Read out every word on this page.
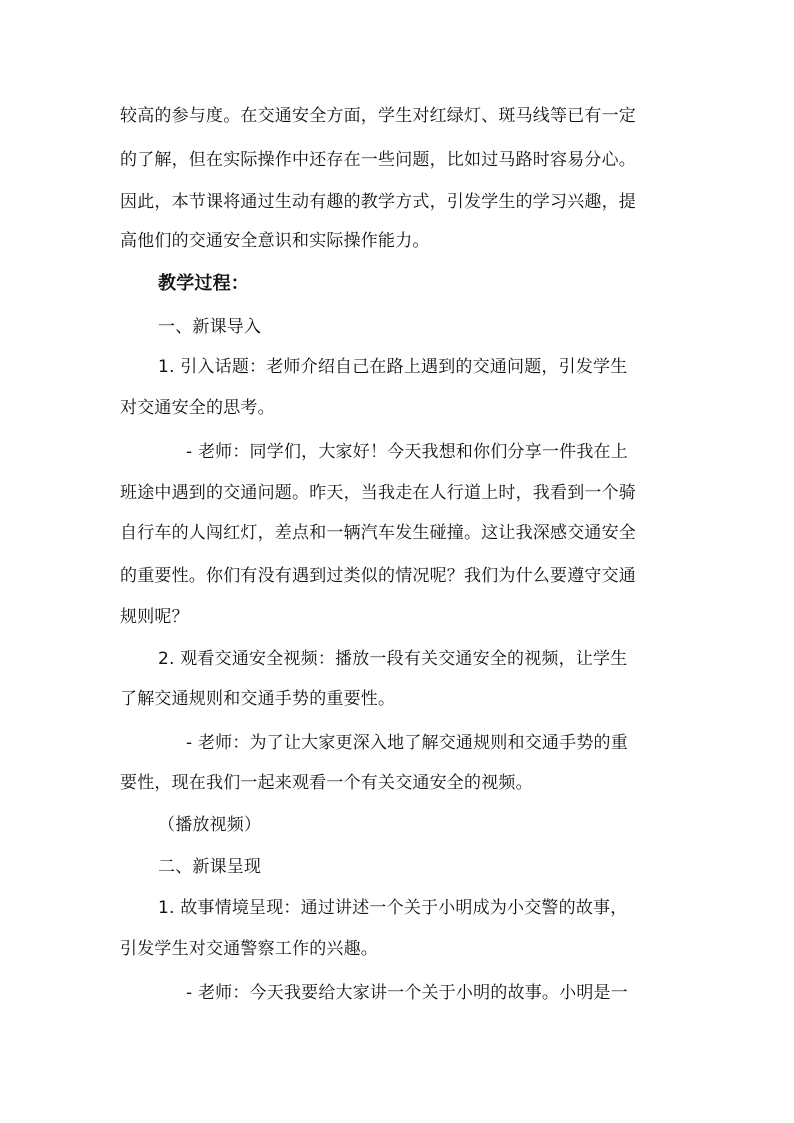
较高的参与度。在交通安全方面，学生对红绿灯、斑马线等已有一定
的了解，但在实际操作中还存在一些问题，比如过马路时容易分心。
因此，本节课将通过生动有趣的教学方式，引发学生的学习兴趣，提
高他们的交通安全意识和实际操作能力。
教学过程：
一、新课导入
1. 引入话题：老师介绍自己在路上遇到的交通问题，引发学生
对交通安全的思考。
- 老师：同学们，大家好！今天我想和你们分享一件我在上
班途中遇到的交通问题。昨天，当我走在人行道上时，我看到一个骑
自行车的人闯红灯，差点和一辆汽车发生碰撞。这让我深感交通安全
的重要性。你们有没有遇到过类似的情况呢？我们为什么要遵守交通
规则呢？
2. 观看交通安全视频：播放一段有关交通安全的视频，让学生
了解交通规则和交通手势的重要性。
- 老师：为了让大家更深入地了解交通规则和交通手势的重
要性，现在我们一起来观看一个有关交通安全的视频。
（播放视频）
二、新课呈现
1. 故事情境呈现：通过讲述一个关于小明成为小交警的故事，
引发学生对交通警察工作的兴趣。
- 老师：今天我要给大家讲一个关于小明的故事。小明是一
